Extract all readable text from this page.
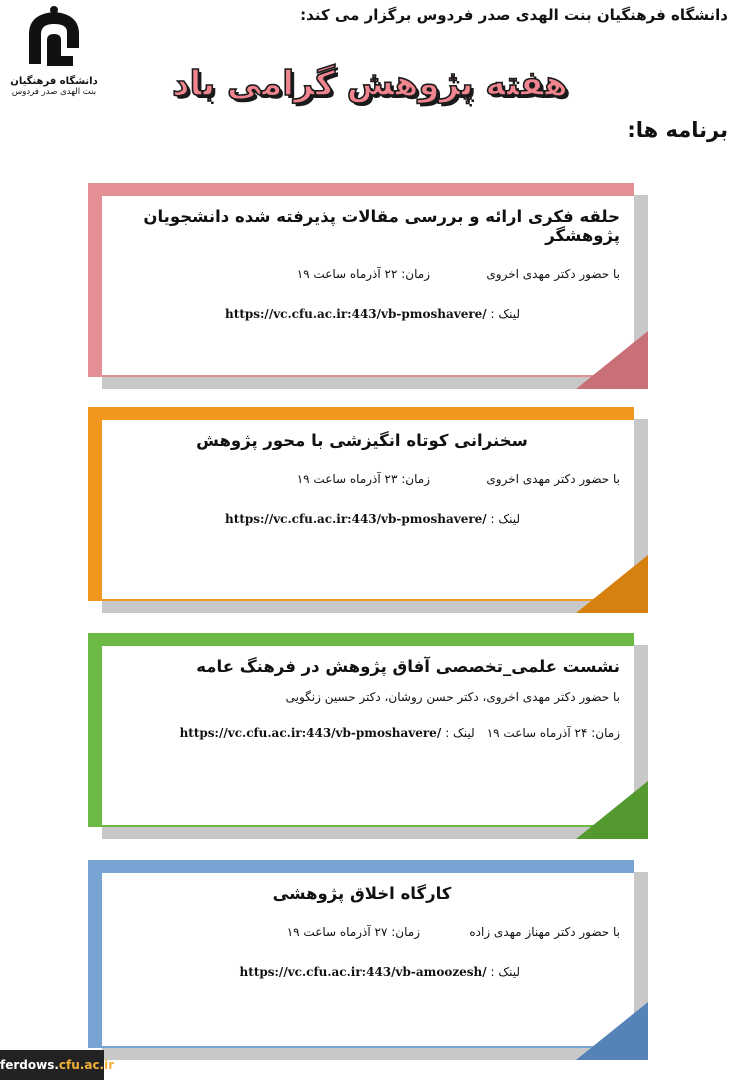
دانشگاه فرهنگیان بنت الهدی صدر فردوس برگزار می کند:
دانشگاه فرهنگیان
بنت الهدی صدر فردوس	هفته پژوهش گرامی باد
برنامه ها:
حلقه فکری ارائه و بررسی مقالات پذیرفته شده دانشجویان پژوهشگر
با حضور دکتر مهدی اخروی
زمان: ۲۲ آذرماه ساعت ۱۹
لینک : https://vc.cfu.ac.ir:443/vb-pmoshavere/
سخنرانی کوتاه انگیزشی با محور پژوهش
با حضور دکتر مهدی اخروی
زمان: ۲۳ آذرماه ساعت ۱۹
لینک : https://vc.cfu.ac.ir:443/vb-pmoshavere/
نشست علمی_تخصصی آفاق پژوهش در فرهنگ عامه
با حضور دکتر مهدی اخروی، دکتر حسن روشان، دکتر حسین زنگویی
زمان: ۲۴ آذرماه ساعت ۱۹
لینک :
https://vc.cfu.ac.ir:443/vb-pmoshavere/
کارگاه اخلاق پژوهشی
با حضور دکتر مهناز مهدی زاده
زمان: ۲۷ آذرماه ساعت ۱۹
لینک : https://vc.cfu.ac.ir:443/vb-amoozesh/
ferdows.cfu.ac.ir
